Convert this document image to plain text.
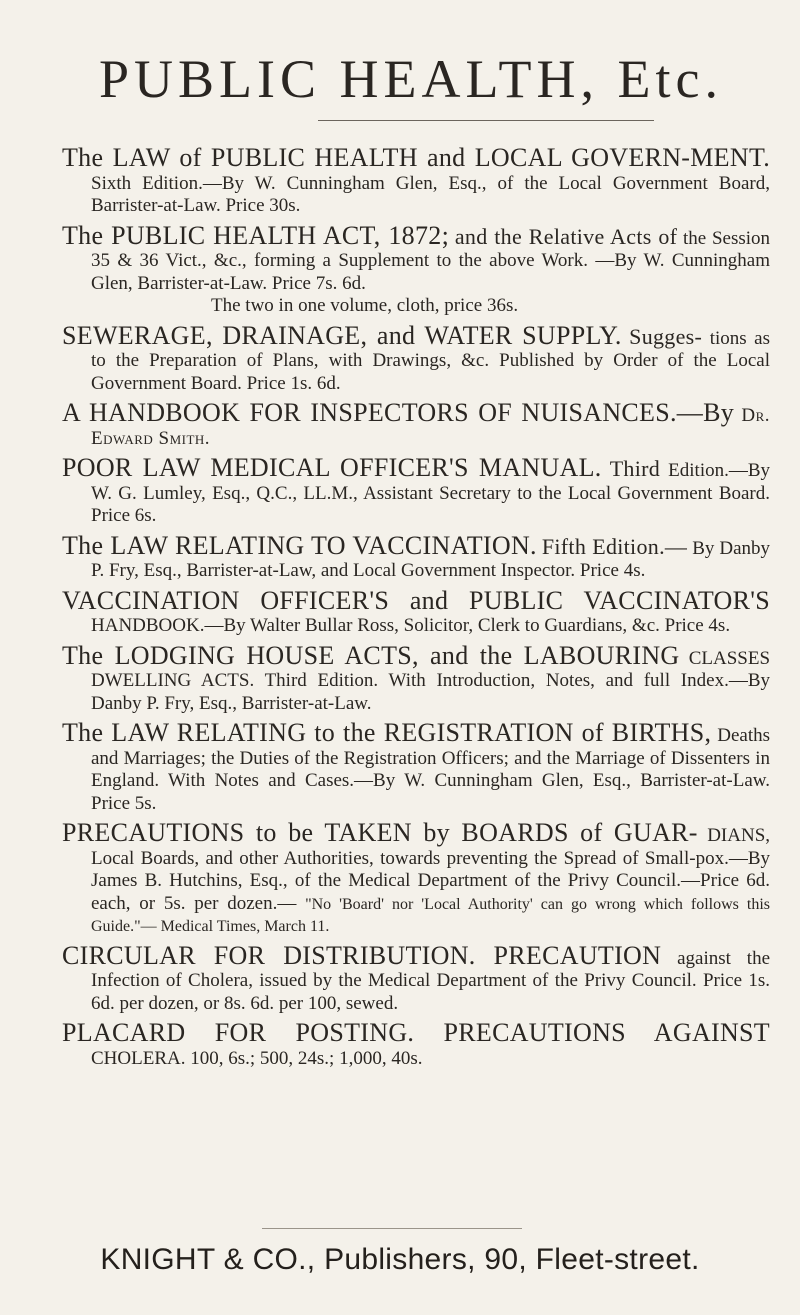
PUBLIC HEALTH, Etc.

The LAW of PUBLIC HEALTH and LOCAL GOVERN-MENT. Sixth Edition.—By W. Cunningham Glen, Esq., of the Local Government Board, Barrister-at-Law. Price 30s.

The PUBLIC HEALTH ACT, 1872; and the Relative Acts of the Session 35 & 36 Vict., &c., forming a Supplement to the above Work. —By W. Cunningham Glen, Barrister-at-Law. Price 7s. 6d.
The two in one volume, cloth, price 36s.

SEWERAGE, DRAINAGE, and WATER SUPPLY. Sugges- tions as to the Preparation of Plans, with Drawings, &c. Published by Order of the Local Government Board. Price 1s. 6d.

A HANDBOOK FOR INSPECTORS OF NUISANCES.—By Dr. Edward Smith.

POOR LAW MEDICAL OFFICER'S MANUAL. Third Edition.—By W. G. Lumley, Esq., Q.C., LL.M., Assistant Secretary to the Local Government Board. Price 6s.

The LAW RELATING TO VACCINATION. Fifth Edition.— By Danby P. Fry, Esq., Barrister-at-Law, and Local Government Inspector. Price 4s.

VACCINATION OFFICER'S and PUBLIC VACCINATOR'S HANDBOOK.—By Walter Bullar Ross, Solicitor, Clerk to Guardians, &c. Price 4s.

The LODGING HOUSE ACTS, and the LABOURING CLASSES DWELLING ACTS. Third Edition. With Introduction, Notes, and full Index.—By Danby P. Fry, Esq., Barrister-at-Law.

The LAW RELATING to the REGISTRATION of BIRTHS, Deaths and Marriages; the Duties of the Registration Officers; and the Marriage of Dissenters in England. With Notes and Cases.—By W. Cunningham Glen, Esq., Barrister-at-Law. Price 5s.

PRECAUTIONS to be TAKEN by BOARDS of GUAR- DIANS, Local Boards, and other Authorities, towards preventing the Spread of Small-pox.—By James B. Hutchins, Esq., of the Medical Department of the Privy Council.—Price 6d. each, or 5s. per dozen.— "No 'Board' nor 'Local Authority' can go wrong which follows this Guide."— Medical Times, March 11.

CIRCULAR FOR DISTRIBUTION. PRECAUTION against the Infection of Cholera, issued by the Medical Department of the Privy Council. Price 1s. 6d. per dozen, or 8s. 6d. per 100, sewed.

PLACARD FOR POSTING. PRECAUTIONS AGAINST CHOLERA. 100, 6s.; 500, 24s.; 1,000, 40s.

KNIGHT & CO., Publishers, 90, Fleet-street.
